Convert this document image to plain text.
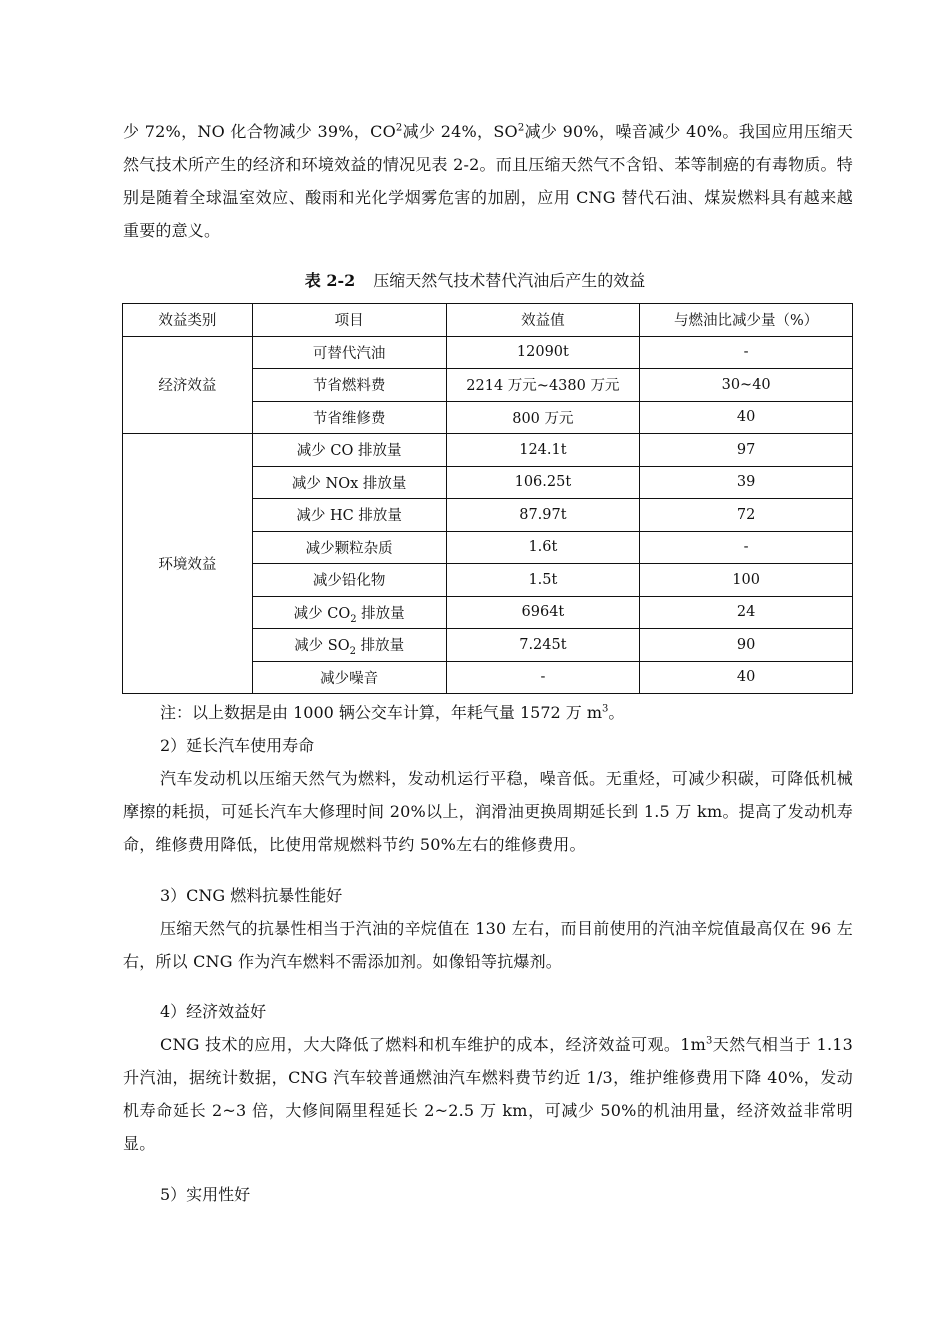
少 72%，NO 化合物减少 39%，$CO^2$减少 24%，$SO^2$减少 90%，噪音减少 40%。我国应用压缩天然气技术所产生的经济和环境效益的情况见表 2-2。而且压缩天然气不含铅、苯等制癌的有毒物质。特别是随着全球温室效应、酸雨和光化学烟雾危害的加剧，应用 CNG 替代石油、煤炭燃料具有越来越重要的意义。

表 2-2 压缩天然气技术替代汽油后产生的效益
效益类别	项目	效益值	与燃油比减少量（%）
经济效益	可替代汽油	12090t	-
	节省燃料费	2214 万元~4380 万元	30~40
	节省维修费	800 万元	40
环境效益	减少 CO 排放量	124.1t	97
	减少 NOx 排放量	106.25t	39
	减少 HC 排放量	87.97t	72
	减少颗粒杂质	1.6t	-
	减少铅化物	1.5t	100
	减少 $CO_2$ 排放量	6964t	24
	减少 $SO_2$ 排放量	7.245t	90
	减少噪音	-	40
注：以上数据是由 1000 辆公交车计算，年耗气量 1572 万 $m^3$。
2）延长汽车使用寿命

汽车发动机以压缩天然气为燃料，发动机运行平稳，噪音低。无重烃，可减少积碳，可降低机械摩擦的耗损，可延长汽车大修理时间 20%以上，润滑油更换周期延长到 1.5 万 km。提高了发动机寿命，维修费用降低，比使用常规燃料节约 50%左右的维修费用。

3）CNG 燃料抗暴性能好

压缩天然气的抗暴性相当于汽油的辛烷值在 130 左右，而目前使用的汽油辛烷值最高仅在 96 左右，所以 CNG 作为汽车燃料不需添加剂。如像铅等抗爆剂。

4）经济效益好

CNG 技术的应用，大大降低了燃料和机车维护的成本，经济效益可观。$1m^3$天然气相当于 1.13 升汽油，据统计数据，CNG 汽车较普通燃油汽车燃料费节约近 1/3，维护维修费用下降 40%，发动机寿命延长 2~3 倍，大修间隔里程延长 2~2.5 万 km，可减少 50%的机油用量，经济效益非常明显。

5）实用性好
